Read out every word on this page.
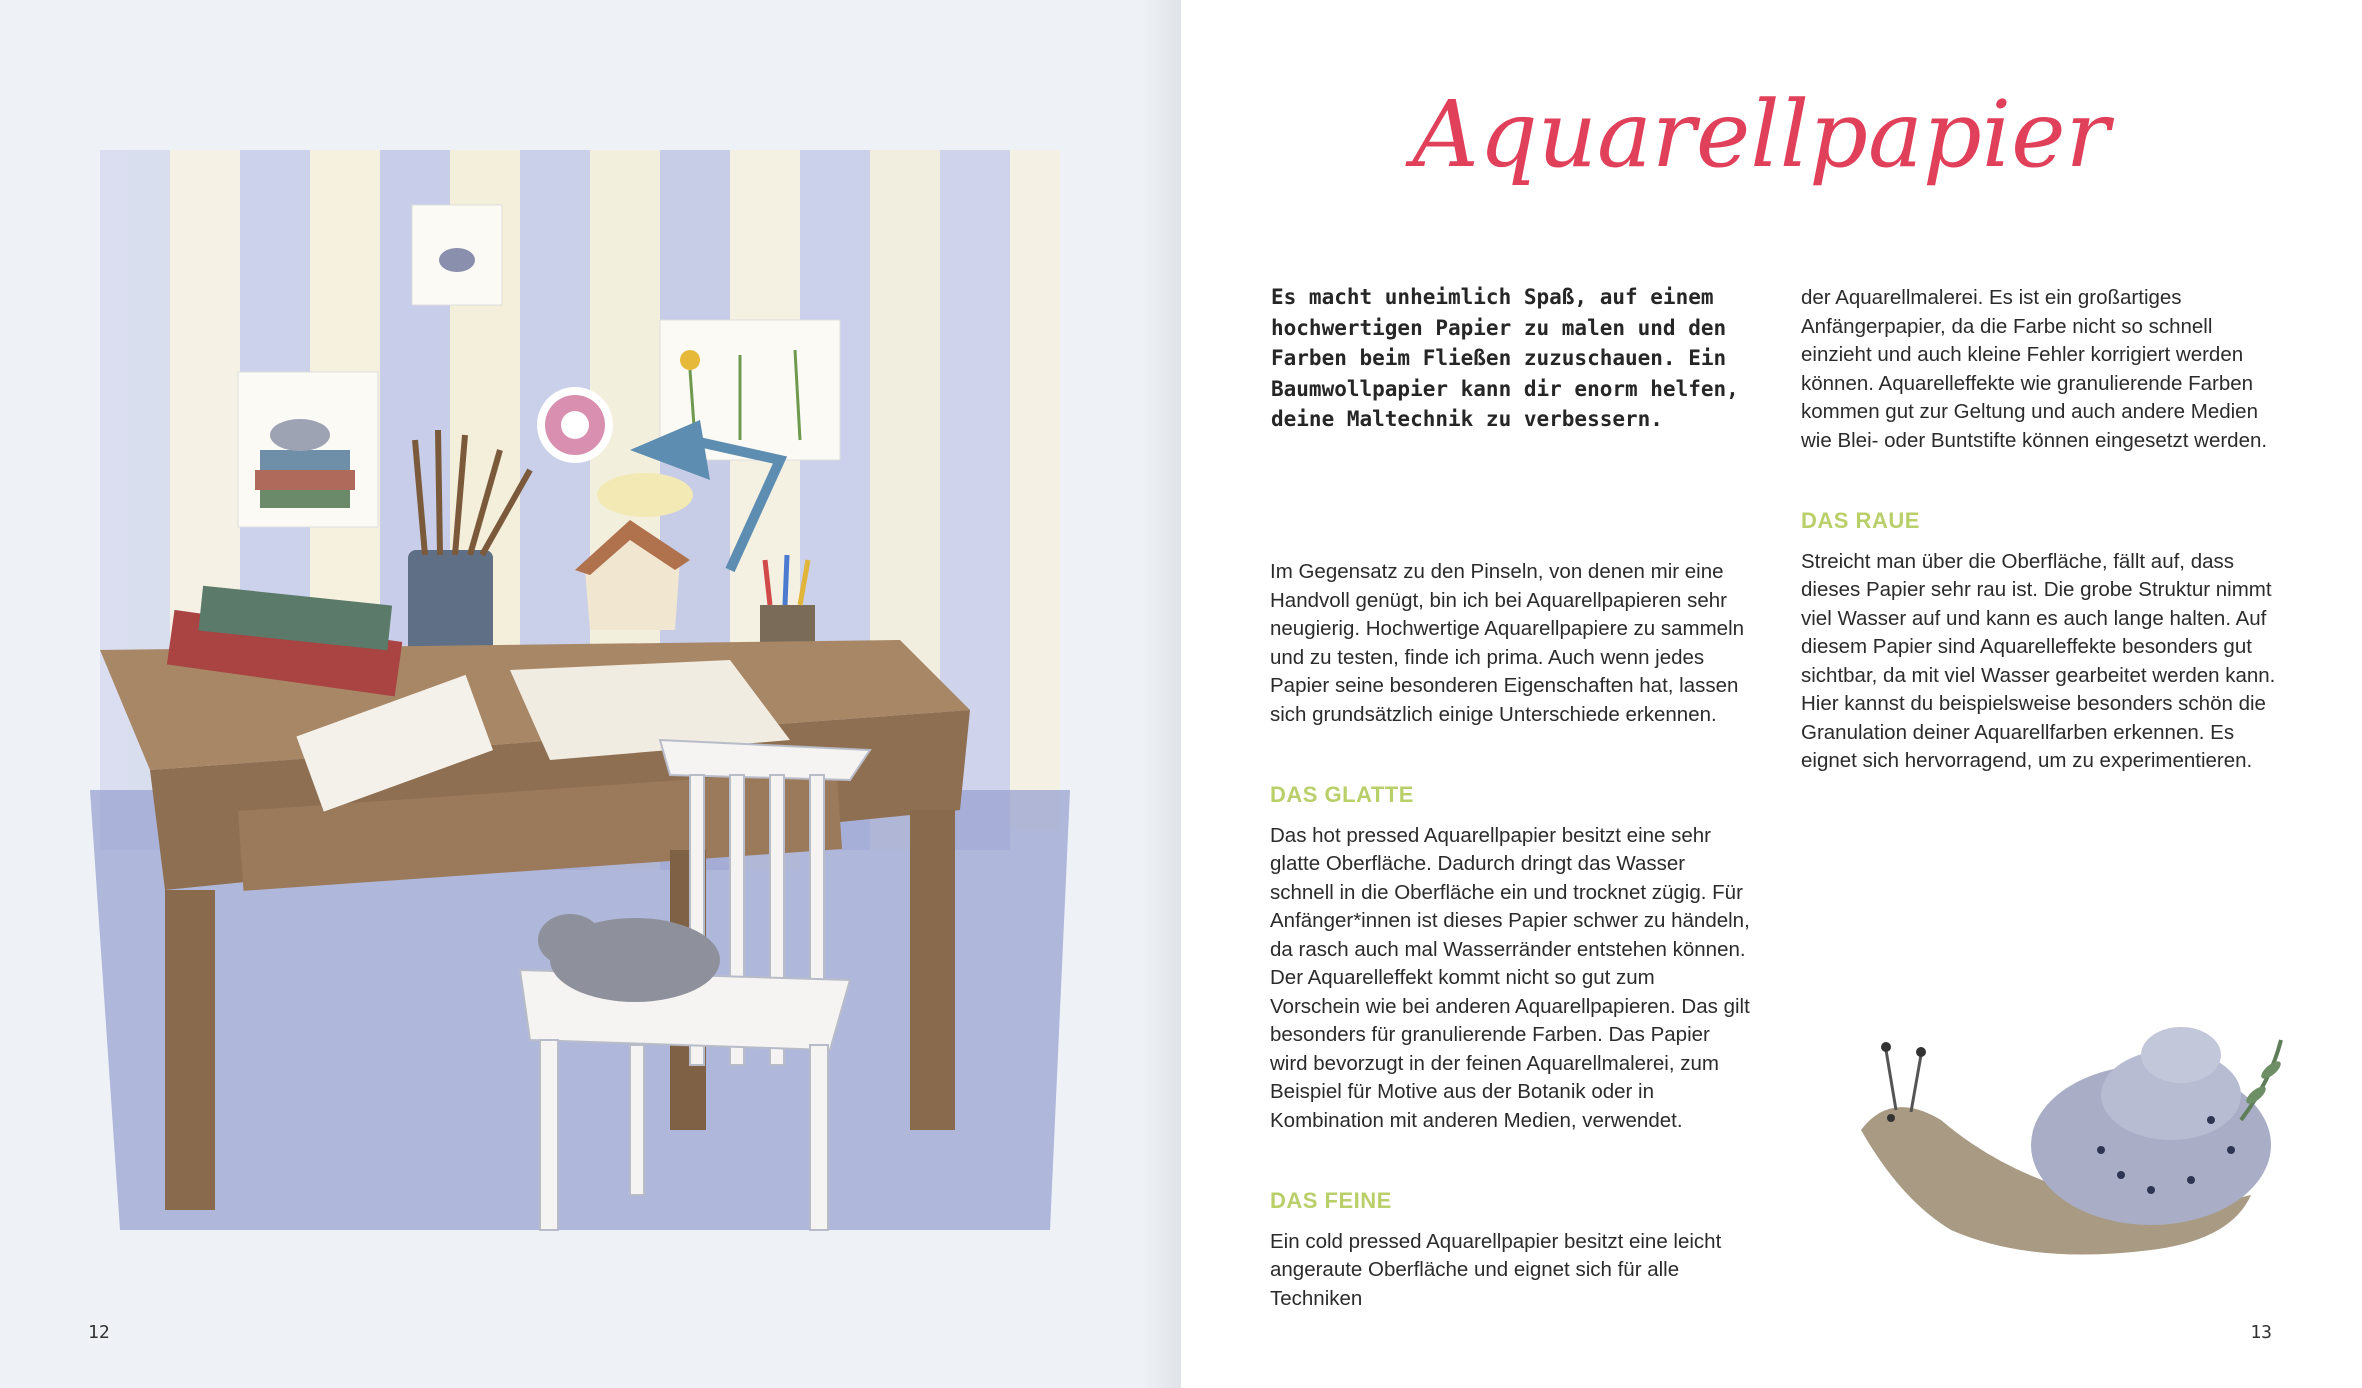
12
Aquarellpapier
Es macht unheimlich Spaß, auf einem hochwertigen Papier zu malen und den Farben beim Fließen zuzuschauen. Ein Baumwollpapier kann dir enorm helfen, deine Maltechnik zu verbessern.

Im Gegensatz zu den Pinseln, von denen mir eine Handvoll genügt, bin ich bei Aquarellpapieren sehr neugierig. Hochwertige Aquarellpapiere zu sammeln und zu testen, finde ich prima. Auch wenn jedes Papier seine besonderen Eigenschaften hat, lassen sich grundsätzlich einige Unterschiede erkennen.

DAS GLATTE

Das hot pressed Aquarellpapier besitzt eine sehr glatte Oberfläche. Dadurch dringt das Wasser schnell in die Oberfläche ein und trocknet zügig. Für Anfänger*innen ist dieses Papier schwer zu händeln, da rasch auch mal Wasserränder entstehen können. Der Aquarelleffekt kommt nicht so gut zum Vorschein wie bei anderen Aquarellpapieren. Das gilt besonders für granulierende Farben. Das Papier wird bevorzugt in der feinen Aquarellmalerei, zum Beispiel für Motive aus der Botanik oder in Kombination mit anderen Medien, verwendet.

DAS FEINE

Ein cold pressed Aquarellpapier besitzt eine leicht angeraute Oberfläche und eignet sich für alle Techniken

der Aquarellmalerei. Es ist ein großartiges Anfängerpapier, da die Farbe nicht so schnell einzieht und auch kleine Fehler korrigiert werden können. Aquarelleffekte wie granulierende Farben kommen gut zur Geltung und auch andere Medien wie Blei- oder Buntstifte können eingesetzt werden.

DAS RAUE

Streicht man über die Oberfläche, fällt auf, dass dieses Papier sehr rau ist. Die grobe Struktur nimmt viel Wasser auf und kann es auch lange halten. Auf diesem Papier sind Aquarelleffekte besonders gut sichtbar, da mit viel Wasser gearbeitet werden kann. Hier kannst du beispielsweise besonders schön die Granulation deiner Aquarellfarben erkennen. Es eignet sich hervorragend, um zu experimentieren.

13
